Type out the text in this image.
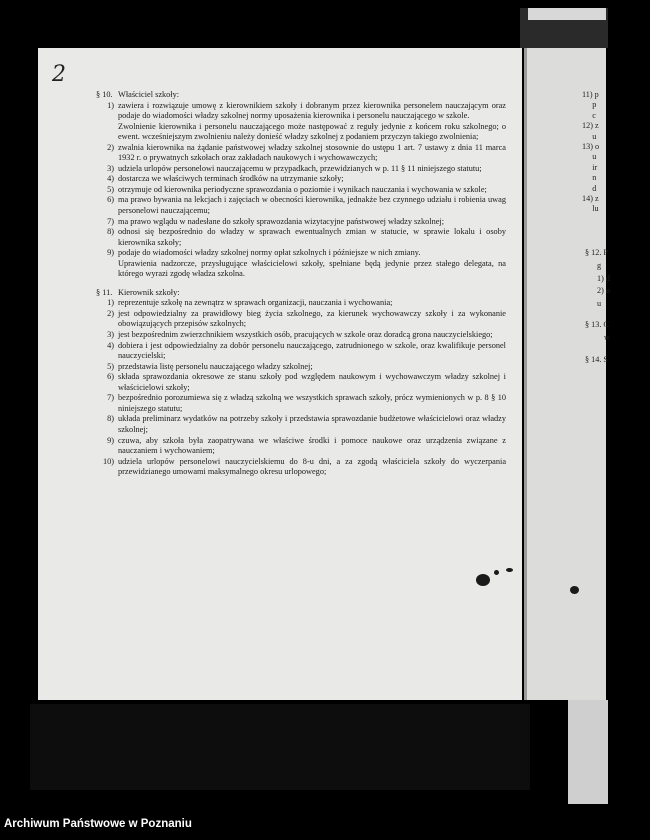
11) p
p
c
12) z
u
13) o
u
ir
n
d
14) z
lu
§ 12. P
g
1) d
2) o
u
§ 13. C
w
§ 14. S
2
§ 10. Właściciel szkoły:
1) zawiera i rozwiązuje umowę z kierownikiem szkoły i dobranym przez kierownika personelem nauczającym oraz podaje do wiadomości władzy szkolnej normy uposażenia kierownika i personelu nauczającego w szkole.
Zwolnienie kierownika i personelu nauczającego może następować z reguły jedynie z końcem roku szkolnego; o ewent. wcześniejszym zwolnieniu należy donieść władzy szkolnej z podaniem przyczyn takiego zwolnienia;
2) zwalnia kierownika na żądanie państwowej władzy szkolnej stosownie do ustępu 1 art. 7 ustawy z dnia 11 marca 1932 r. o prywatnych szkołach oraz zakładach naukowych i wychowawczych;
3) udziela urlopów personelowi nauczającemu w przypadkach, przewidzianych w p. 11 § 11 niniejszego statutu;
4) dostarcza we właściwych terminach środków na utrzymanie szkoły;
5) otrzymuje od kierownika periodyczne sprawozdania o poziomie i wynikach nauczania i wychowania w szkole;
6) ma prawo bywania na lekcjach i zajęciach w obecności kierownika, jednakże bez czynnego udziału i robienia uwag personelowi nauczającemu;
7) ma prawo wglądu w nadesłane do szkoły sprawozdania wizytacyjne państwowej władzy szkolnej;
8) odnosi się bezpośrednio do władzy w sprawach ewentualnych zmian w statucie, w sprawie lokalu i osoby kierownika szkoły;
9) podaje do wiadomości władzy szkolnej normy opłat szkolnych i późniejsze w nich zmiany.
Uprawienia nadzorcze, przysługujące właścicielowi szkoły, spełniane będą jedynie przez stałego delegata, na którego wyrazi zgodę władza szkolna.
§ 11. Kierownik szkoły:
1) reprezentuje szkołę na zewnątrz w sprawach organizacji, nauczania i wychowania;
2) jest odpowiedzialny za prawidłowy bieg życia szkolnego, za kierunek wychowawczy szkoły i za wykonanie obowiązujących przepisów szkolnych;
3) jest bezpośrednim zwierzchnikiem wszystkich osób, pracujących w szkole oraz doradcą grona nauczycielskiego;
4) dobiera i jest odpowiedzialny za dobór personelu nauczającego, zatrudnionego w szkole, oraz kwalifikuje personel nauczycielski;
5) przedstawia listę personelu nauczającego władzy szkolnej;
6) składa sprawozdania okresowe ze stanu szkoły pod względem naukowym i wychowawczym władzy szkolnej i właścicielowi szkoły;
7) bezpośrednio porozumiewa się z władzą szkolną we wszystkich sprawach szkoły, prócz wymienionych w p. 8 § 10 niniejszego statutu;
8) układa preliminarz wydatków na potrzeby szkoły i przedstawia sprawozdanie budżetowe właścicielowi oraz władzy szkolnej;
9) czuwa, aby szkoła była zaopatrywana we właściwe środki i pomoce naukowe oraz urządzenia związane z nauczaniem i wychowaniem;
10) udziela urlopów personelowi nauczycielskiemu do 8-u dni, a za zgodą właściciela szkoły do wyczerpania przewidzianego umowami maksymalnego okresu urlopowego;
Archiwum Państwowe w Poznaniu
